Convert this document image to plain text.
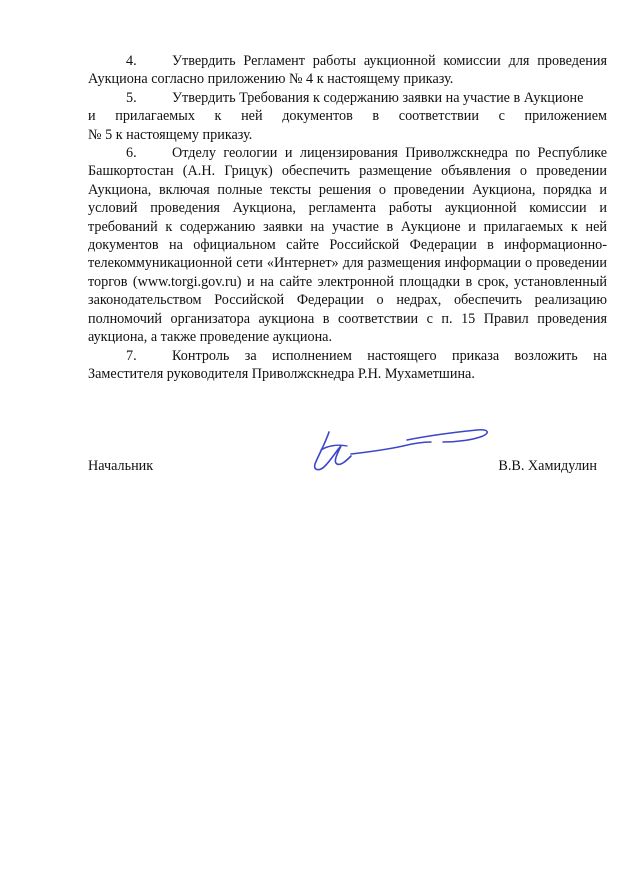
4. Утвердить Регламент работы аукционной комиссии для проведения Аукциона согласно приложению № 4 к настоящему приказу.

5. Утвердить Требования к содержанию заявки на участие в Аукционе
и прилагаемых к ней документов в соответствии с приложением
№ 5 к настоящему приказу.

6. Отделу геологии и лицензирования Приволжскнедра по Республике Башкортостан (А.Н. Грицук) обеспечить размещение объявления о проведении Аукциона, включая полные тексты решения о проведении Аукциона, порядка и условий проведения Аукциона, регламента работы аукционной комиссии и требований к содержанию заявки на участие в Аукционе и прилагаемых к ней документов на официальном сайте Российской Федерации в информационно-телекоммуникационной сети «Интернет» для размещения информации о проведении торгов (www.torgi.gov.ru) и на сайте электронной площадки в срок, установленный законодательством Российской Федерации о недрах, обеспечить реализацию полномочий организатора аукциона в соответствии с п. 15 Правил проведения аукциона, а также проведение аукциона.

7. Контроль за исполнением настоящего приказа возложить на Заместителя руководителя Приволжскнедра Р.Н. Мухаметшина.

Начальник	В.В. Хамидулин
